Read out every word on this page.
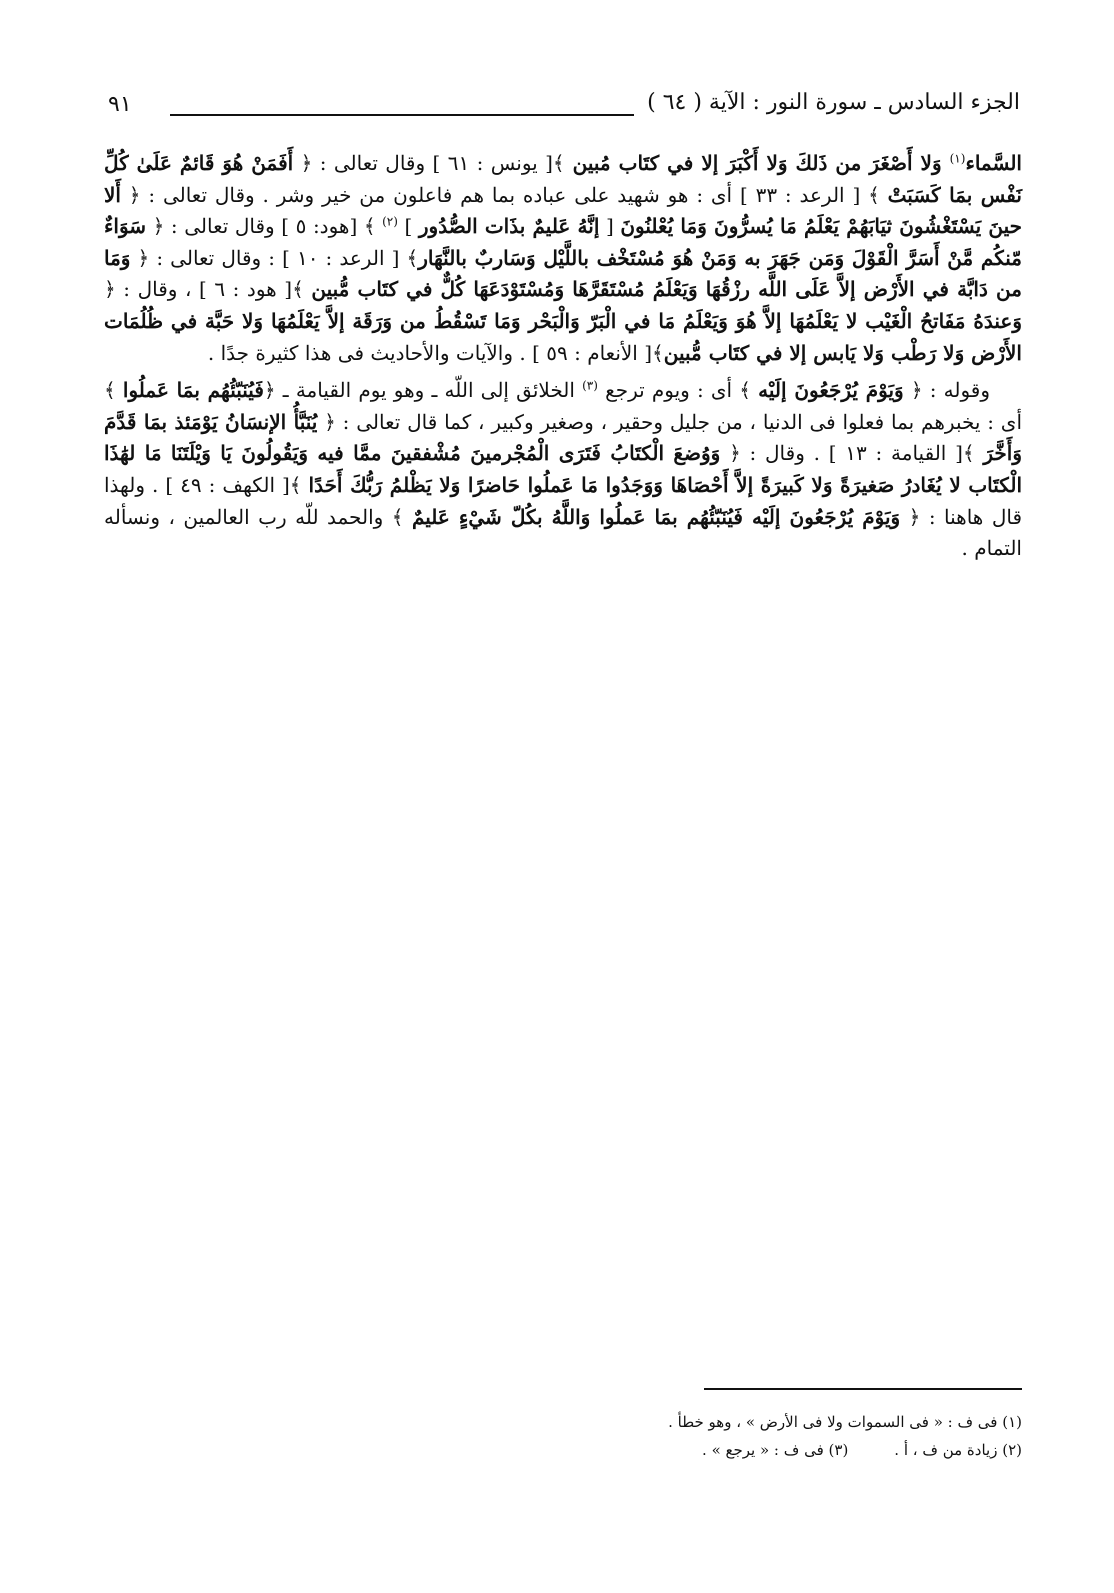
الجزء السادس ـ سورة النور : الآية ( ٦٤ )
٩١

السَّماء$^{(١)}$ وَلا أَصْغَرَ من ذَلكَ وَلا أَكْبَرَ إلا في كتَاب مُبين ﴾[ يونس : ٦١ ] وقال تعالى : ﴿ أَفَمَنْ هُوَ قَائمٌ عَلَىٰ كُلِّ نَفْس بمَا كَسَبَتْ ﴾ [ الرعد : ٣٣ ] أى : هو شهيد على عباده بما هم فاعلون من خير وشر . وقال تعالى : ﴿ أَلا حينَ يَسْتَغْشُونَ ثيَابَهُمْ يَعْلَمُ مَا يُسرُّونَ وَمَا يُعْلنُونَ [ إنَّهُ عَليمٌ بذَات الصُّدُور ] $^{(٢)}$ ﴾ [هود: ٥ ] وقال تعالى : ﴿ سَوَاءٌ مّنكُم مَّنْ أَسَرَّ الْقَوْلَ وَمَن جَهَرَ به وَمَنْ هُوَ مُسْتَخْف باللَّيْل وَسَاربٌ بالنَّهَار﴾ [ الرعد : ١٠ ] : وقال تعالى : ﴿ وَمَا من دَابَّة في الأَرْض إلاَّ عَلَى اللَّه رزْقُهَا وَيَعْلَمُ مُسْتَقَرَّهَا وَمُسْتَوْدَعَهَا كُلٌّ في كتَاب مُّبين ﴾[ هود : ٦ ] ، وقال : ﴿ وَعندَهُ مَفَاتحُ الْغَيْب لا يَعْلَمُهَا إلاَّ هُوَ وَيَعْلَمُ مَا في الْبَرّ وَالْبَحْر وَمَا تَسْقُطُ من وَرَقَة إلاَّ يَعْلَمُهَا وَلا حَبَّة في ظُلُمَات الأَرْض وَلا رَطْب وَلا يَابس إلا في كتَاب مُّبين﴾[ الأنعام : ٥٩ ] . والآيات والأحاديث فى هذا كثيرة جدًا .

وقوله : ﴿ وَيَوْمَ يُرْجَعُونَ إلَيْه ﴾ أى : ويوم ترجع $^{(٣)}$ الخلائق إلى اللّه ـ وهو يوم القيامة ـ ﴿فَيُنَبّئُهُم بمَا عَملُوا ﴾ أى : يخبرهم بما فعلوا فى الدنيا ، من جليل وحقير ، وصغير وكبير ، كما قال تعالى : ﴿ يُنَبَّأُ الإنسَانُ يَوْمَئذ بمَا قَدَّمَ وَأَخَّرَ ﴾[ القيامة : ١٣ ] . وقال : ﴿ وَوُضعَ الْكتَابُ فَتَرَى الْمُجْرمينَ مُشْفقينَ ممَّا فيه وَيَقُولُونَ يَا وَيْلَتَنَا مَا لهَٰذَا الْكتَاب لا يُغَادرُ صَغيرَةً وَلا كَبيرَةً إلاَّ أَحْصَاهَا وَوَجَدُوا مَا عَملُوا حَاضرًا وَلا يَظْلمُ رَبُّكَ أَحَدًا ﴾[ الكهف : ٤٩ ] . ولهذا قال هاهنا : ﴿ وَيَوْمَ يُرْجَعُونَ إلَيْه فَيُنَبّئُهُم بمَا عَملُوا وَاللَّهُ بكُلّ شَيْءٍ عَليمٌ ﴾ والحمد للّه رب العالمين ، ونسأله التمام .

(١) فى ف : « فى السموات ولا فى الأرض » ، وهو خطأ .
(٢) زيادة من ف ، أ .(٣) فى ف : « يرجع » .
